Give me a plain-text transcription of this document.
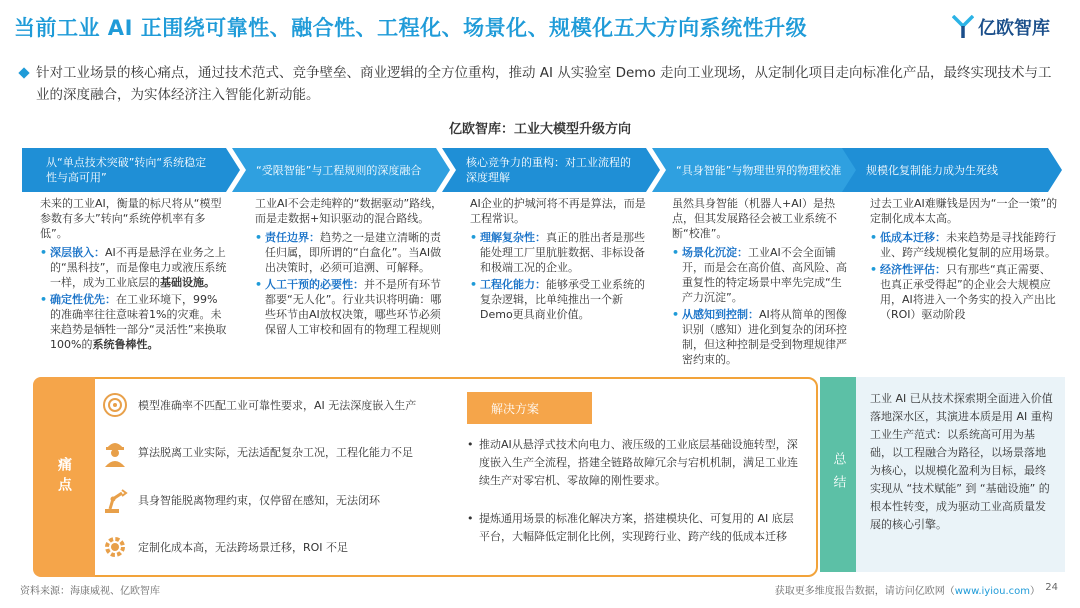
当前工业 AI 正围绕可靠性、融合性、工程化、场景化、规模化五大方向系统性升级	亿欧智库
针对工业场景的核心痛点，通过技术范式、竞争壁垒、商业逻辑的全方位重构，推动 AI 从实验室 Demo 走向工业现场，从定制化项目走向标准化产品，最终实现技术与工业的深度融合，为实体经济注入智能化新动能。
亿欧智库：工业大模型升级方向
从“单点技术突破”转向“系统稳定性与高可用”
“受限智能”与工程规则的深度融合
核心竞争力的重构：对工业流程的深度理解
“具身智能”与物理世界的物理校准 规模化复制能力成为生死线
未来的工业AI，衡量的标尺将从“模型参数有多大”转向“系统停机率有多低”。
• 深层嵌入：AI不再是悬浮在业务之上的“黑科技”，而是像电力或液压系统一样，成为工业底层的基础设施。
• 确定性优先：在工业环境下，99%的准确率往往意味着1%的灾难。未来趋势是牺牲一部分“灵活性”来换取100%的系统鲁棒性。
工业AI不会走纯粹的“数据驱动”路线，而是走数据+知识驱动的混合路线。
• 责任边界：趋势之一是建立清晰的责任归属，即所谓的“白盒化”。当AI做出决策时，必须可追溯、可解释。
• 人工干预的必要性：并不是所有环节都要“无人化”。行业共识将明确：哪些环节由AI放权决策，哪些环节必须保留人工审校和固有的物理工程规则
AI企业的护城河将不再是算法，而是工程常识。
• 理解复杂性：真正的胜出者是那些能处理工厂里肮脏数据、非标设备和极端工况的企业。
• 工程化能力：能够承受工业系统的复杂逻辑，比单纯推出一个新Demo更具商业价值。
虽然具身智能（机器人+AI）是热点，但其发展路径会被工业系统不断“校准”。
• 场景化沉淀：工业AI不会全面铺开，而是会在高价值、高风险、高重复性的特定场景中率先完成“生产力沉淀”。
• 从感知到控制：AI将从简单的图像识别（感知）进化到复杂的闭环控制，但这种控制是受到物理规律严密约束的。
过去工业AI难赚钱是因为“一企一策”的定制化成本太高。
• 低成本迁移：未来趋势是寻找能跨行业、跨产线规模化复制的应用场景。
• 经济性评估：只有那些“真正需要、也真正承受得起”的企业会大规模应用，AI将进入一个务实的投入产出比（ROI）驱动阶段
痛点
模型准确率不匹配工业可靠性要求，AI 无法深度嵌入生产
算法脱离工业实际，无法适配复杂工况，工程化能力不足
具身智能脱离物理约束，仅停留在感知，无法闭环
定制化成本高，无法跨场景迁移，ROI 不足
解决方案
• 推动AI从悬浮式技术向电力、液压级的工业底层基础设施转型，深度嵌入生产全流程，搭建全链路故障冗余与宕机机制，满足工业连续生产对零宕机、零故障的刚性要求。
• 提炼通用场景的标准化解决方案，搭建模块化、可复用的 AI 底层平台，大幅降低定制化比例，实现跨行业、跨产线的低成本迁移
总结
工业 AI 已从技术探索期全面进入价值落地深水区，其演进本质是用 AI 重构工业生产范式：以系统高可用为基础，以工程融合为路径，以场景落地为核心，以规模化盈利为目标，最终实现从 “技术赋能” 到 “基础设施” 的根本性转变，成为驱动工业高质量发展的核心引擎。
资料来源：海康威视、亿欧智库	获取更多维度报告数据，请访问亿欧网（www.iyiou.com） 24
